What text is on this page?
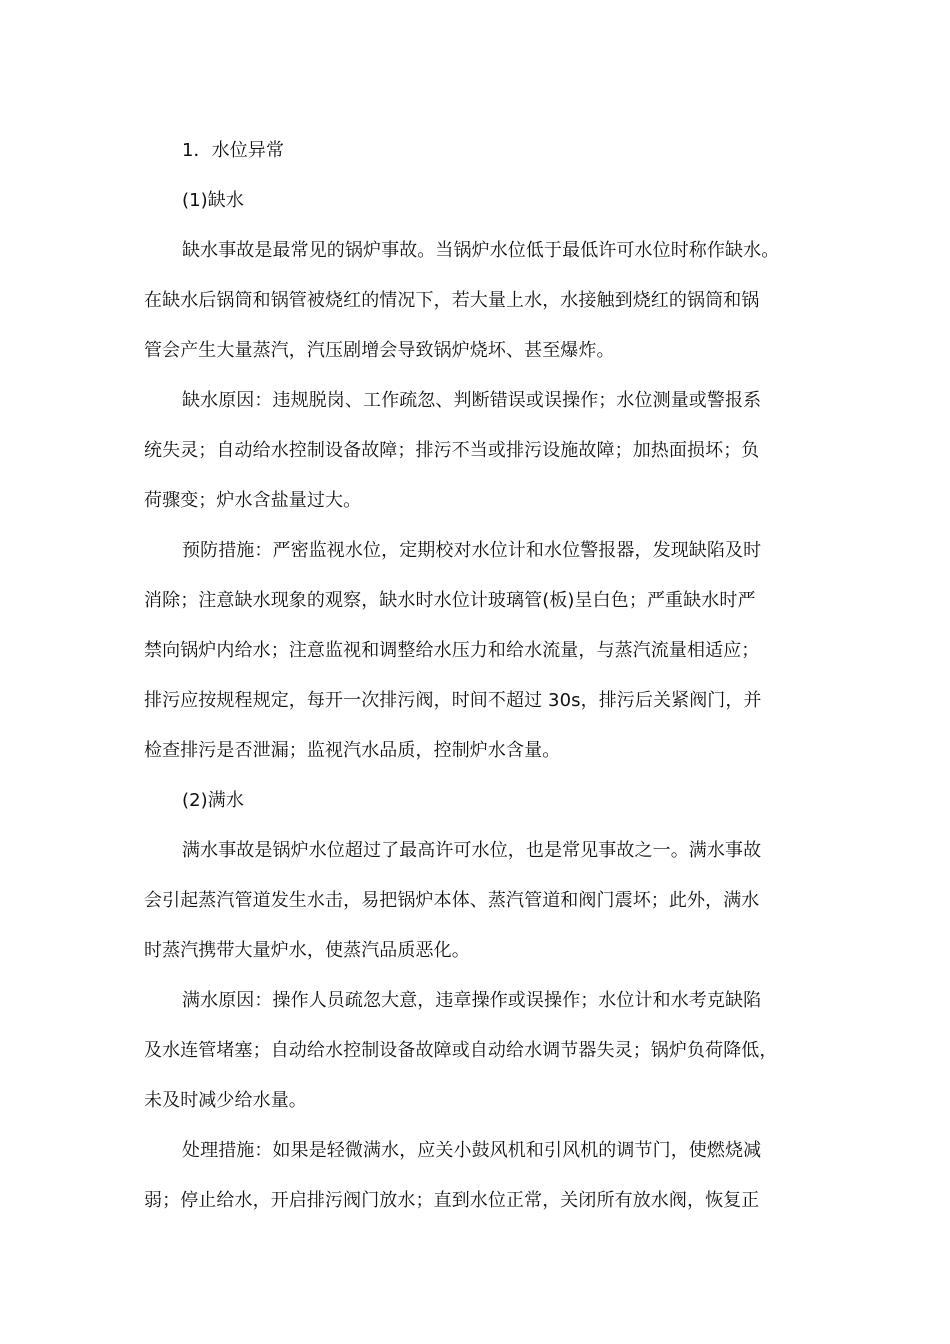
1．水位异常

(1)缺水

缺水事故是最常见的锅炉事故。当锅炉水位低于最低许可水位时称作缺水。
在缺水后锅筒和锅管被烧红的情况下，若大量上水，水接触到烧红的锅筒和锅
管会产生大量蒸汽，汽压剧增会导致锅炉烧坏、甚至爆炸。

缺水原因：违规脱岗、工作疏忽、判断错误或误操作；水位测量或警报系
统失灵；自动给水控制设备故障；排污不当或排污设施故障；加热面损坏；负
荷骤变；炉水含盐量过大。

预防措施：严密监视水位，定期校对水位计和水位警报器，发现缺陷及时
消除；注意缺水现象的观察，缺水时水位计玻璃管(板)呈白色；严重缺水时严
禁向锅炉内给水；注意监视和调整给水压力和给水流量，与蒸汽流量相适应；
排污应按规程规定，每开一次排污阀，时间不超过 30s，排污后关紧阀门，并
检查排污是否泄漏；监视汽水品质，控制炉水含量。

(2)满水

满水事故是锅炉水位超过了最高许可水位，也是常见事故之一。满水事故
会引起蒸汽管道发生水击，易把锅炉本体、蒸汽管道和阀门震坏；此外，满水
时蒸汽携带大量炉水，使蒸汽品质恶化。

满水原因：操作人员疏忽大意，违章操作或误操作；水位计和水考克缺陷
及水连管堵塞；自动给水控制设备故障或自动给水调节器失灵；锅炉负荷降低，
未及时减少给水量。

处理措施：如果是轻微满水，应关小鼓风机和引风机的调节门，使燃烧减
弱；停止给水，开启排污阀门放水；直到水位正常，关闭所有放水阀，恢复正
